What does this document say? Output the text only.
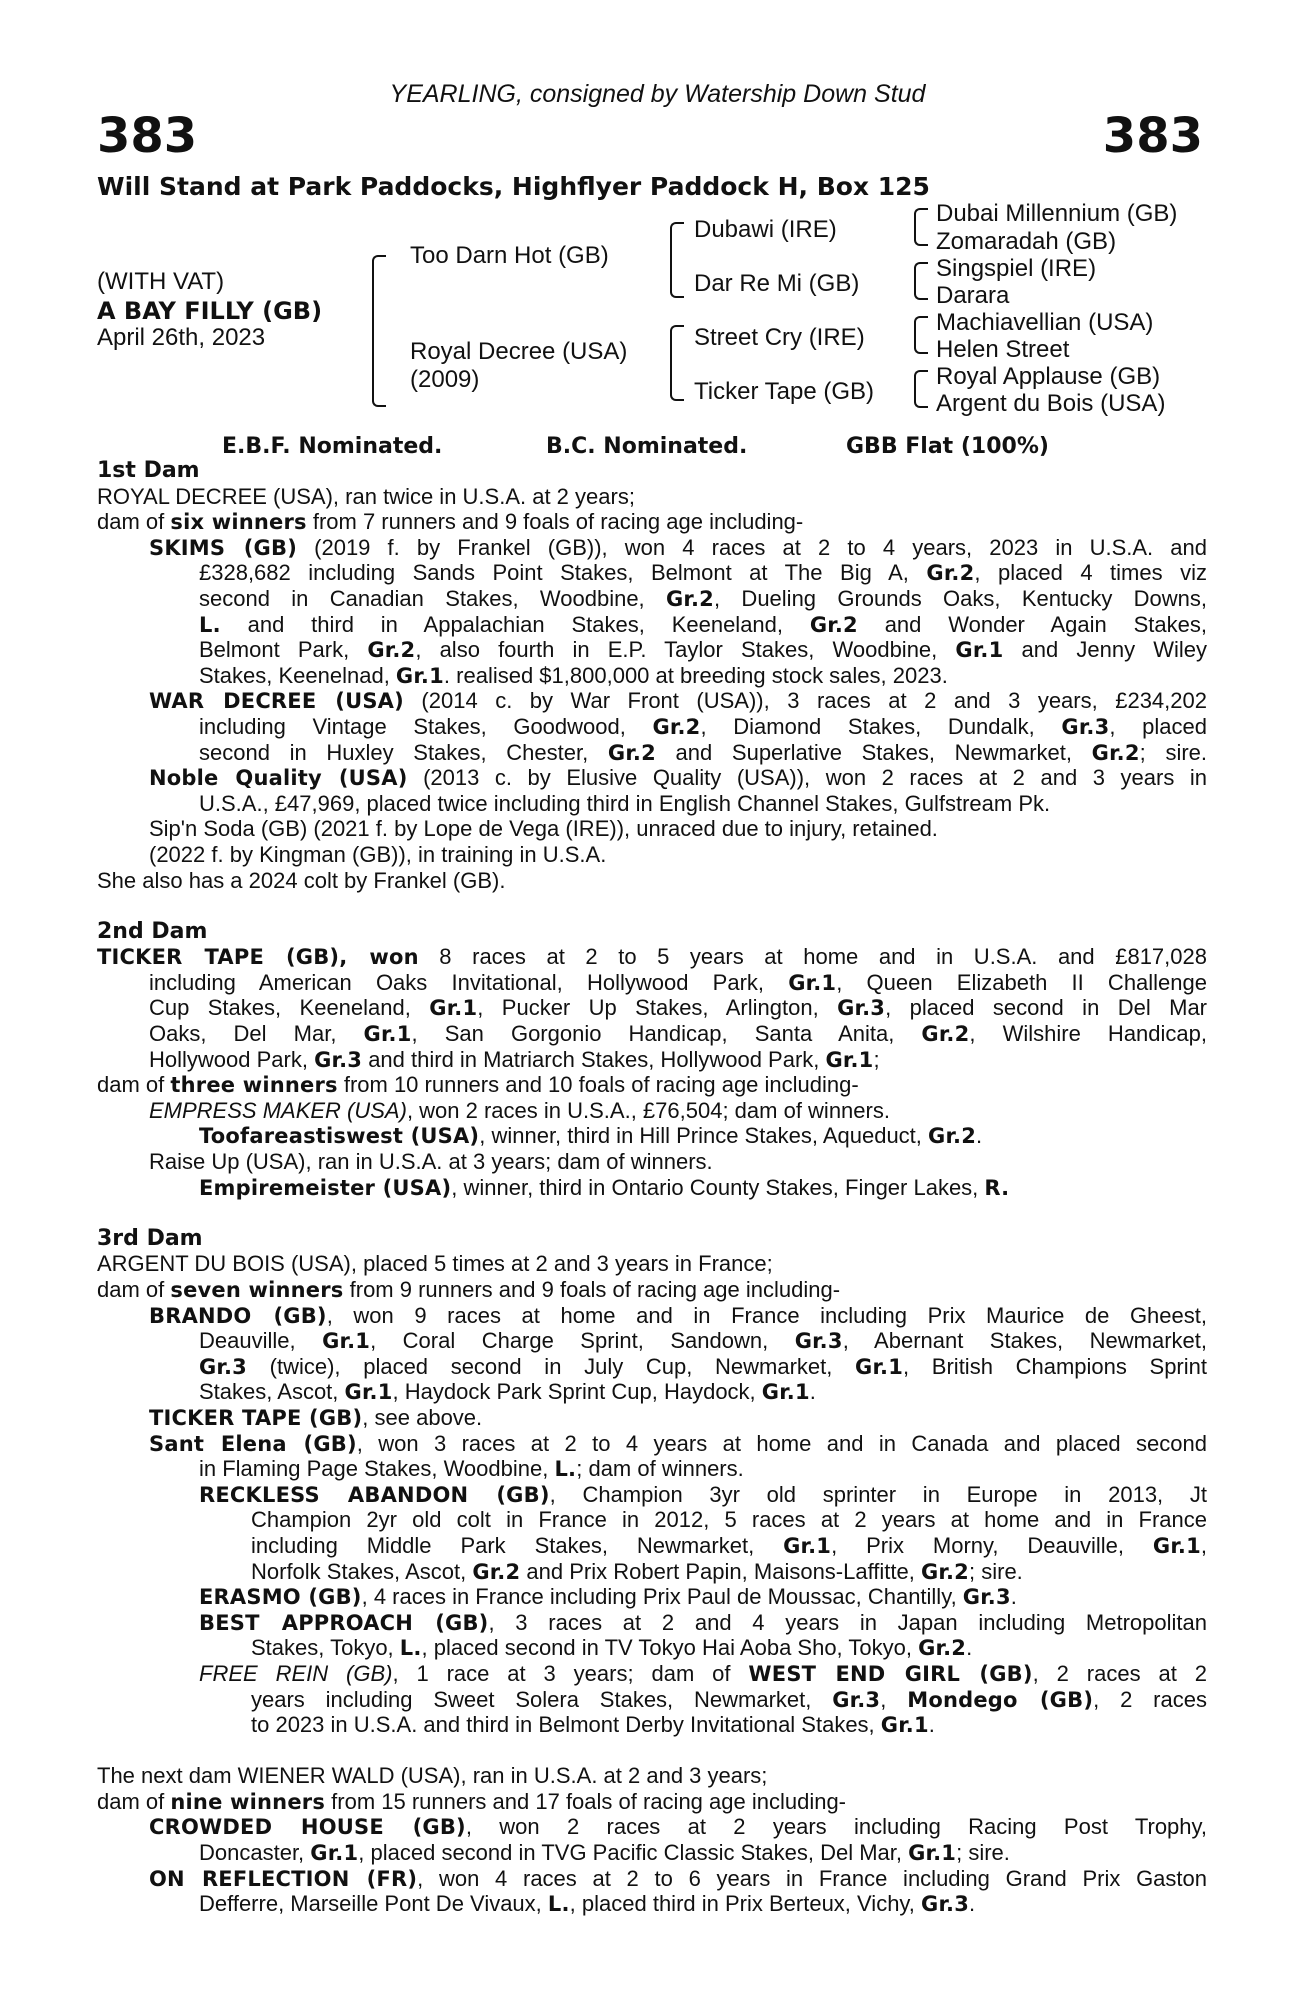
YEARLING, consigned by Watership Down Stud
383	383
Will Stand at Park Paddocks, Highflyer Paddock H, Box 125
(WITH VAT)
A BAY FILLY (GB)
April 26th, 2023
Too Darn Hot (GB)
Royal Decree (USA)
(2009)
Dubawi (IRE)
Dar Re Mi (GB)
Street Cry (IRE)
Ticker Tape (GB)
Dubai Millennium (GB)
Zomaradah (GB)
Singspiel (IRE)
Darara
Machiavellian (USA)
Helen Street
Royal Applause (GB)
Argent du Bois (USA)
E.B.F. Nominated.	B.C. Nominated.	GBB Flat (100%)
1st Dam
ROYAL DECREE (USA), ran twice in U.S.A. at 2 years;
dam of six winners from 7 runners and 9 foals of racing age including-
SKIMS (GB) (2019 f. by Frankel (GB)), won 4 races at 2 to 4 years, 2023 in U.S.A. and
£328,682 including Sands Point Stakes, Belmont at The Big A, Gr.2, placed 4 times viz
second in Canadian Stakes, Woodbine, Gr.2, Dueling Grounds Oaks, Kentucky Downs,
L. and third in Appalachian Stakes, Keeneland, Gr.2 and Wonder Again Stakes,
Belmont Park, Gr.2, also fourth in E.P. Taylor Stakes, Woodbine, Gr.1 and Jenny Wiley
Stakes, Keenelnad, Gr.1. realised $1,800,000 at breeding stock sales, 2023.
WAR DECREE (USA) (2014 c. by War Front (USA)), 3 races at 2 and 3 years, £234,202
including Vintage Stakes, Goodwood, Gr.2, Diamond Stakes, Dundalk, Gr.3, placed
second in Huxley Stakes, Chester, Gr.2 and Superlative Stakes, Newmarket, Gr.2; sire.
Noble Quality (USA) (2013 c. by Elusive Quality (USA)), won 2 races at 2 and 3 years in
U.S.A., £47,969, placed twice including third in English Channel Stakes, Gulfstream Pk.
Sip'n Soda (GB) (2021 f. by Lope de Vega (IRE)), unraced due to injury, retained.
(2022 f. by Kingman (GB)), in training in U.S.A.
She also has a 2024 colt by Frankel (GB).
2nd Dam
TICKER TAPE (GB), won 8 races at 2 to 5 years at home and in U.S.A. and £817,028
including American Oaks Invitational, Hollywood Park, Gr.1, Queen Elizabeth II Challenge
Cup Stakes, Keeneland, Gr.1, Pucker Up Stakes, Arlington, Gr.3, placed second in Del Mar
Oaks, Del Mar, Gr.1, San Gorgonio Handicap, Santa Anita, Gr.2, Wilshire Handicap,
Hollywood Park, Gr.3 and third in Matriarch Stakes, Hollywood Park, Gr.1;
dam of three winners from 10 runners and 10 foals of racing age including-
EMPRESS MAKER (USA), won 2 races in U.S.A., £76,504; dam of winners.
Toofareastiswest (USA), winner, third in Hill Prince Stakes, Aqueduct, Gr.2.
Raise Up (USA), ran in U.S.A. at 3 years; dam of winners.
Empiremeister (USA), winner, third in Ontario County Stakes, Finger Lakes, R.
3rd Dam
ARGENT DU BOIS (USA), placed 5 times at 2 and 3 years in France;
dam of seven winners from 9 runners and 9 foals of racing age including-
BRANDO (GB), won 9 races at home and in France including Prix Maurice de Gheest,
Deauville, Gr.1, Coral Charge Sprint, Sandown, Gr.3, Abernant Stakes, Newmarket,
Gr.3 (twice), placed second in July Cup, Newmarket, Gr.1, British Champions Sprint
Stakes, Ascot, Gr.1, Haydock Park Sprint Cup, Haydock, Gr.1.
TICKER TAPE (GB), see above.
Sant Elena (GB), won 3 races at 2 to 4 years at home and in Canada and placed second
in Flaming Page Stakes, Woodbine, L.; dam of winners.
RECKLESS ABANDON (GB), Champion 3yr old sprinter in Europe in 2013, Jt
Champion 2yr old colt in France in 2012, 5 races at 2 years at home and in France
including Middle Park Stakes, Newmarket, Gr.1, Prix Morny, Deauville, Gr.1,
Norfolk Stakes, Ascot, Gr.2 and Prix Robert Papin, Maisons-Laffitte, Gr.2; sire.
ERASMO (GB), 4 races in France including Prix Paul de Moussac, Chantilly, Gr.3.
BEST APPROACH (GB), 3 races at 2 and 4 years in Japan including Metropolitan
Stakes, Tokyo, L., placed second in TV Tokyo Hai Aoba Sho, Tokyo, Gr.2.
FREE REIN (GB), 1 race at 3 years; dam of WEST END GIRL (GB), 2 races at 2
years including Sweet Solera Stakes, Newmarket, Gr.3, Mondego (GB), 2 races
to 2023 in U.S.A. and third in Belmont Derby Invitational Stakes, Gr.1.
The next dam WIENER WALD (USA), ran in U.S.A. at 2 and 3 years;
dam of nine winners from 15 runners and 17 foals of racing age including-
CROWDED HOUSE (GB), won 2 races at 2 years including Racing Post Trophy,
Doncaster, Gr.1, placed second in TVG Pacific Classic Stakes, Del Mar, Gr.1; sire.
ON REFLECTION (FR), won 4 races at 2 to 6 years in France including Grand Prix Gaston
Defferre, Marseille Pont De Vivaux, L., placed third in Prix Berteux, Vichy, Gr.3.
